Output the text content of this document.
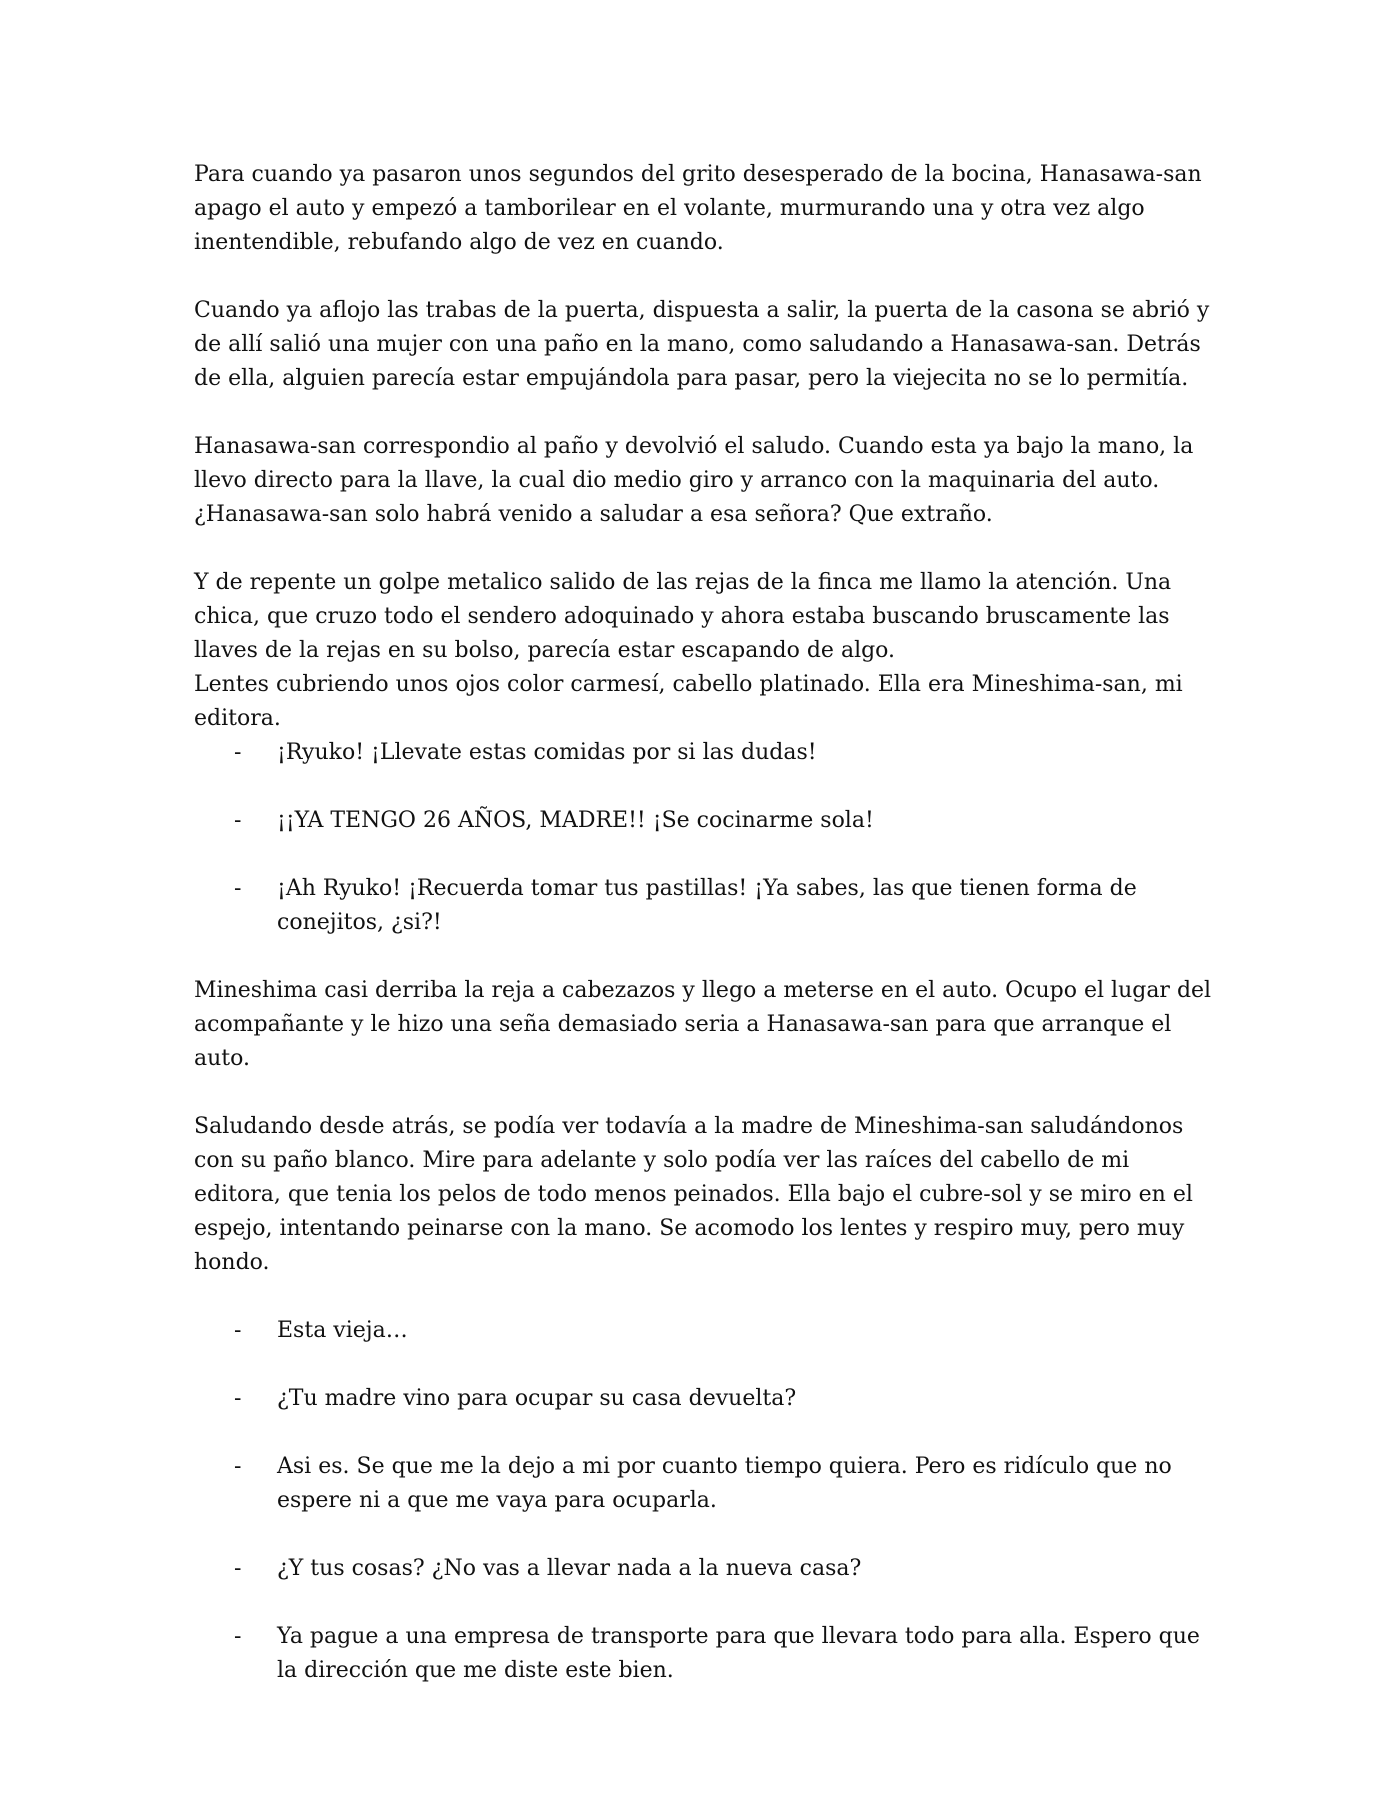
Para cuando ya pasaron unos segundos del grito desesperado de la bocina, Hanasawa-san apago el auto y empezó a tamborilear en el volante, murmurando una y otra vez algo inentendible, rebufando algo de vez en cuando.

Cuando ya aflojo las trabas de la puerta, dispuesta a salir, la puerta de la casona se abrió y de allí salió una mujer con una paño en la mano, como saludando a Hanasawa-san. Detrás de ella, alguien parecía estar empujándola para pasar, pero la viejecita no se lo permitía.

Hanasawa-san correspondio al paño y devolvió el saludo. Cuando esta ya bajo la mano, la llevo directo para la llave, la cual dio medio giro y arranco con la maquinaria del auto. ¿Hanasawa-san solo habrá venido a saludar a esa señora? Que extraño.

Y de repente un golpe metalico salido de las rejas de la finca me llamo la atención. Una chica, que cruzo todo el sendero adoquinado y ahora estaba buscando bruscamente las llaves de la rejas en su bolso, parecía estar escapando de algo.

Lentes cubriendo unos ojos color carmesí, cabello platinado. Ella era Mineshima-san, mi editora.

- ¡Ryuko! ¡Llevate estas comidas por si las dudas!
- ¡¡YA TENGO 26 AÑOS, MADRE!! ¡Se cocinarme sola!
- ¡Ah Ryuko! ¡Recuerda tomar tus pastillas! ¡Ya sabes, las que tienen forma de conejitos, ¿si?!

Mineshima casi derriba la reja a cabezazos y llego a meterse en el auto. Ocupo el lugar del acompañante y le hizo una seña demasiado seria a Hanasawa-san para que arranque el auto.

Saludando desde atrás, se podía ver todavía a la madre de Mineshima-san saludándonos con su paño blanco. Mire para adelante y solo podía ver las raíces del cabello de mi editora, que tenia los pelos de todo menos peinados. Ella bajo el cubre-sol y se miro en el espejo, intentando peinarse con la mano. Se acomodo los lentes y respiro muy, pero muy hondo.

- Esta vieja…
- ¿Tu madre vino para ocupar su casa devuelta?
- Asi es. Se que me la dejo a mi por cuanto tiempo quiera. Pero es ridículo que no espere ni a que me vaya para ocuparla.
- ¿Y tus cosas? ¿No vas a llevar nada a la nueva casa?
- Ya pague a una empresa de transporte para que llevara todo para alla. Espero que la dirección que me diste este bien.
